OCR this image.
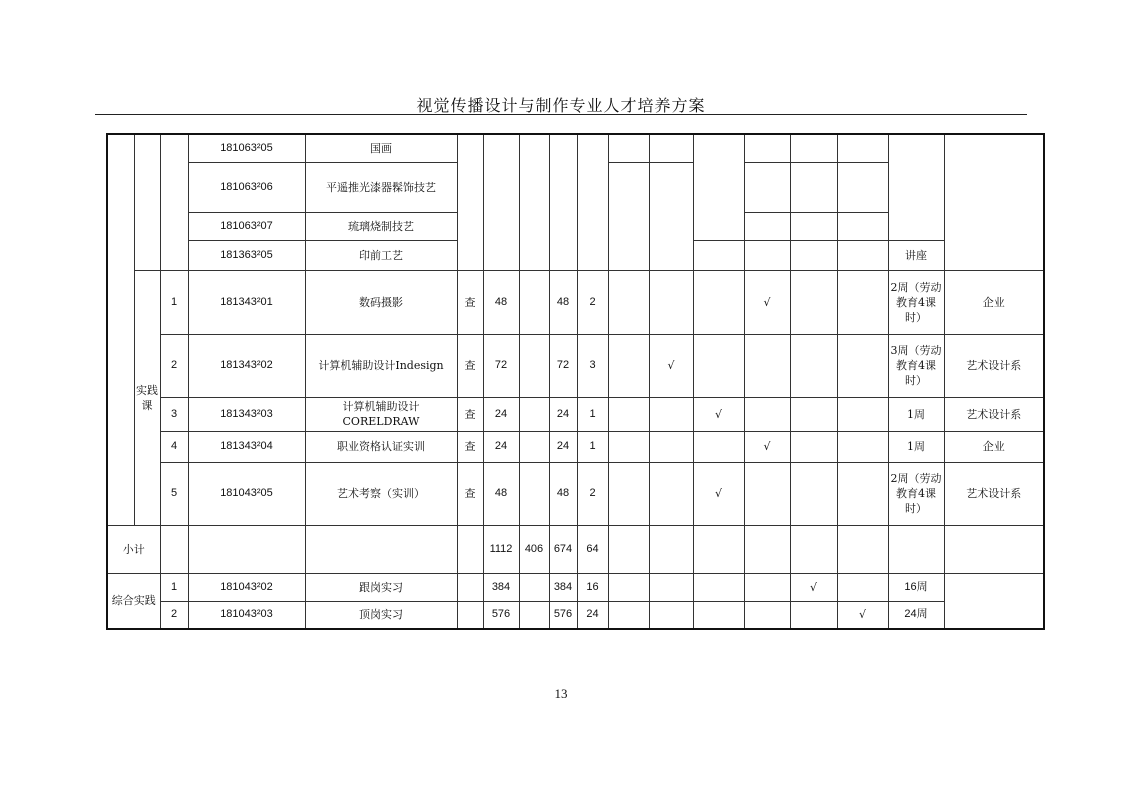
视觉传播设计与制作专业人才培养方案
			181063²05	国画													
			181063²06	平遥推光漆器髹饰技艺													
			181063²07	琉璃烧制技艺													
			181363²05	印前工艺												讲座	
	实践课	1	181343²01	数码摄影	查	48		48	2				√			2周（劳动教育4课时）	企业
		2	181343²02	计算机辅助设计Indesign	查	72		72	3		√					3周（劳动教育4课时）	艺术设计系
		3	181343²03	计算机辅助设计CORELDRAW	查	24		24	1			√				1周	艺术设计系
		4	181343²04	职业资格认证实训	查	24		24	1				√			1周	企业
		5	181043²05	艺术考察（实训）	查	48		48	2			√				2周（劳动教育4课时）	艺术设计系
小计						1112	406	674	64								
综合实践		1	181043²02	跟岗实习		384		384	16					√		16周	
		2	181043²03	顶岗实习		576		576	24						√	24周	
13
